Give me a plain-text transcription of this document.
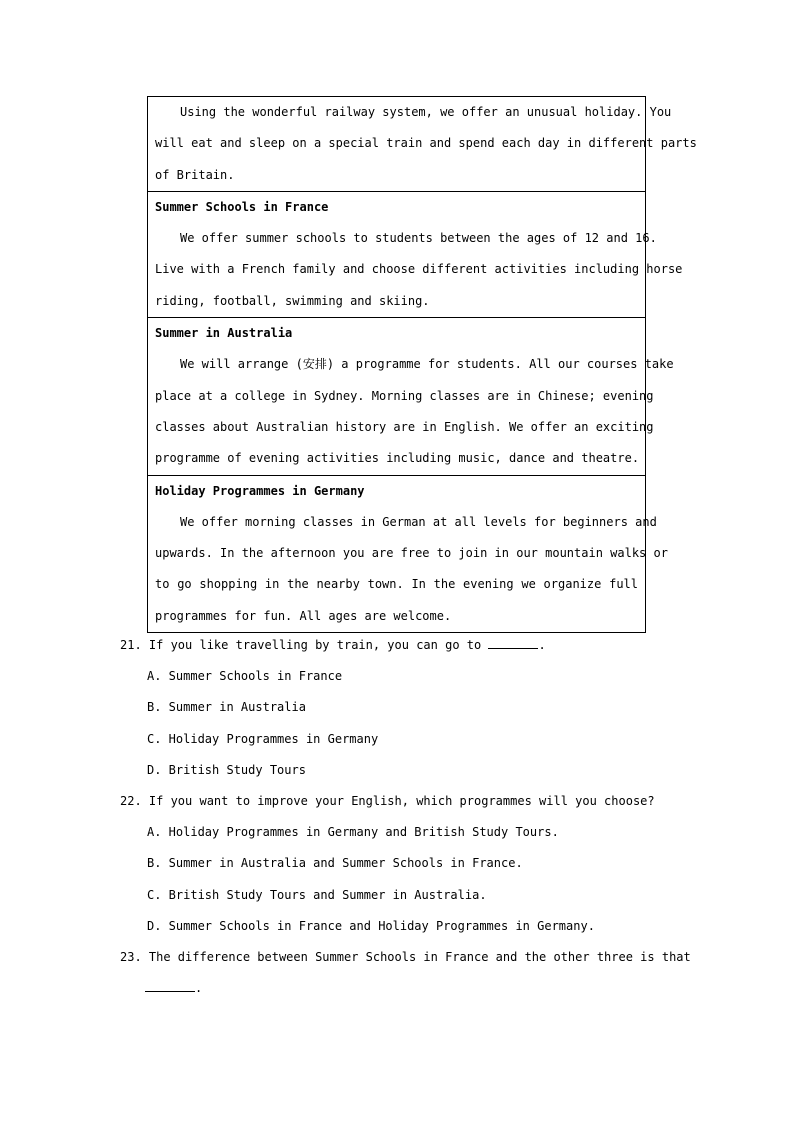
Using the wonderful railway system, we offer an unusual holiday. You
will eat and sleep on a special train and spend each day in different parts
of Britain.
Summer Schools in France
We offer summer schools to students between the ages of 12 and 16.
Live with a French family and choose different activities including horse
riding, football, swimming and skiing.
Summer in Australia
We will arrange (安排) a programme for students. All our courses take
place at a college in Sydney. Morning classes are in Chinese; evening
classes about Australian history are in English. We offer an exciting
programme of evening activities including music, dance and theatre.
Holiday Programmes in Germany
We offer morning classes in German at all levels for beginners and
upwards. In the afternoon you are free to join in our mountain walks or
to go shopping in the nearby town. In the evening we organize full
programmes for fun. All ages are welcome.
21. If you like travelling by train, you can go to	.
A. Summer Schools in France
B. Summer in Australia
C. Holiday Programmes in Germany
D. British Study Tours
22. If you want to improve your English, which programmes will you choose?
A. Holiday Programmes in Germany and British Study Tours.
B. Summer in Australia and Summer Schools in France.
C. British Study Tours and Summer in Australia.
D. Summer Schools in France and Holiday Programmes in Germany.
23. The difference between Summer Schools in France and the other three is that
.
